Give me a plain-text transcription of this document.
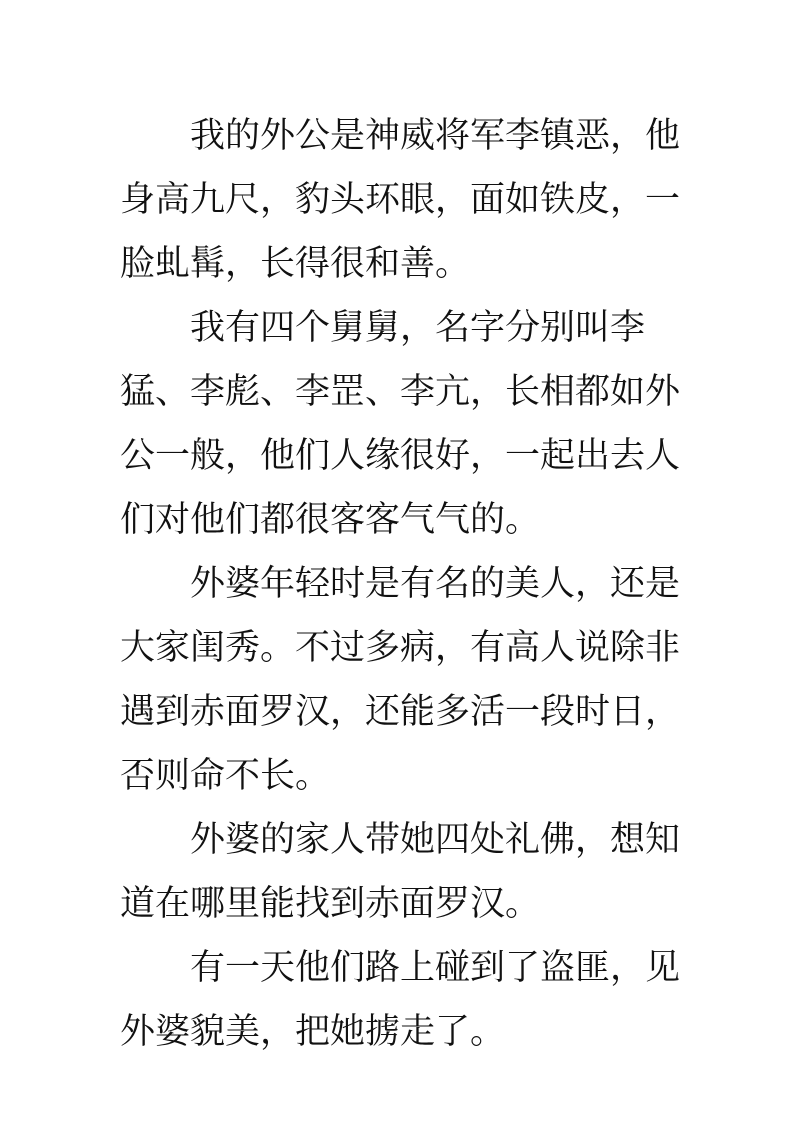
我的外公是神威将军李镇恶，他身高九尺，豹头环眼，面如铁皮，一脸虬髯，长得很和善。

我有四个舅舅，名字分别叫李猛、李彪、李罡、李亢，长相都如外公一般，他们人缘很好，一起出去人们对他们都很客客气气的。

外婆年轻时是有名的美人，还是大家闺秀。不过多病，有高人说除非遇到赤面罗汉，还能多活一段时日，否则命不长。

外婆的家人带她四处礼佛，想知道在哪里能找到赤面罗汉。

有一天他们路上碰到了盗匪，见外婆貌美，把她掳走了。
